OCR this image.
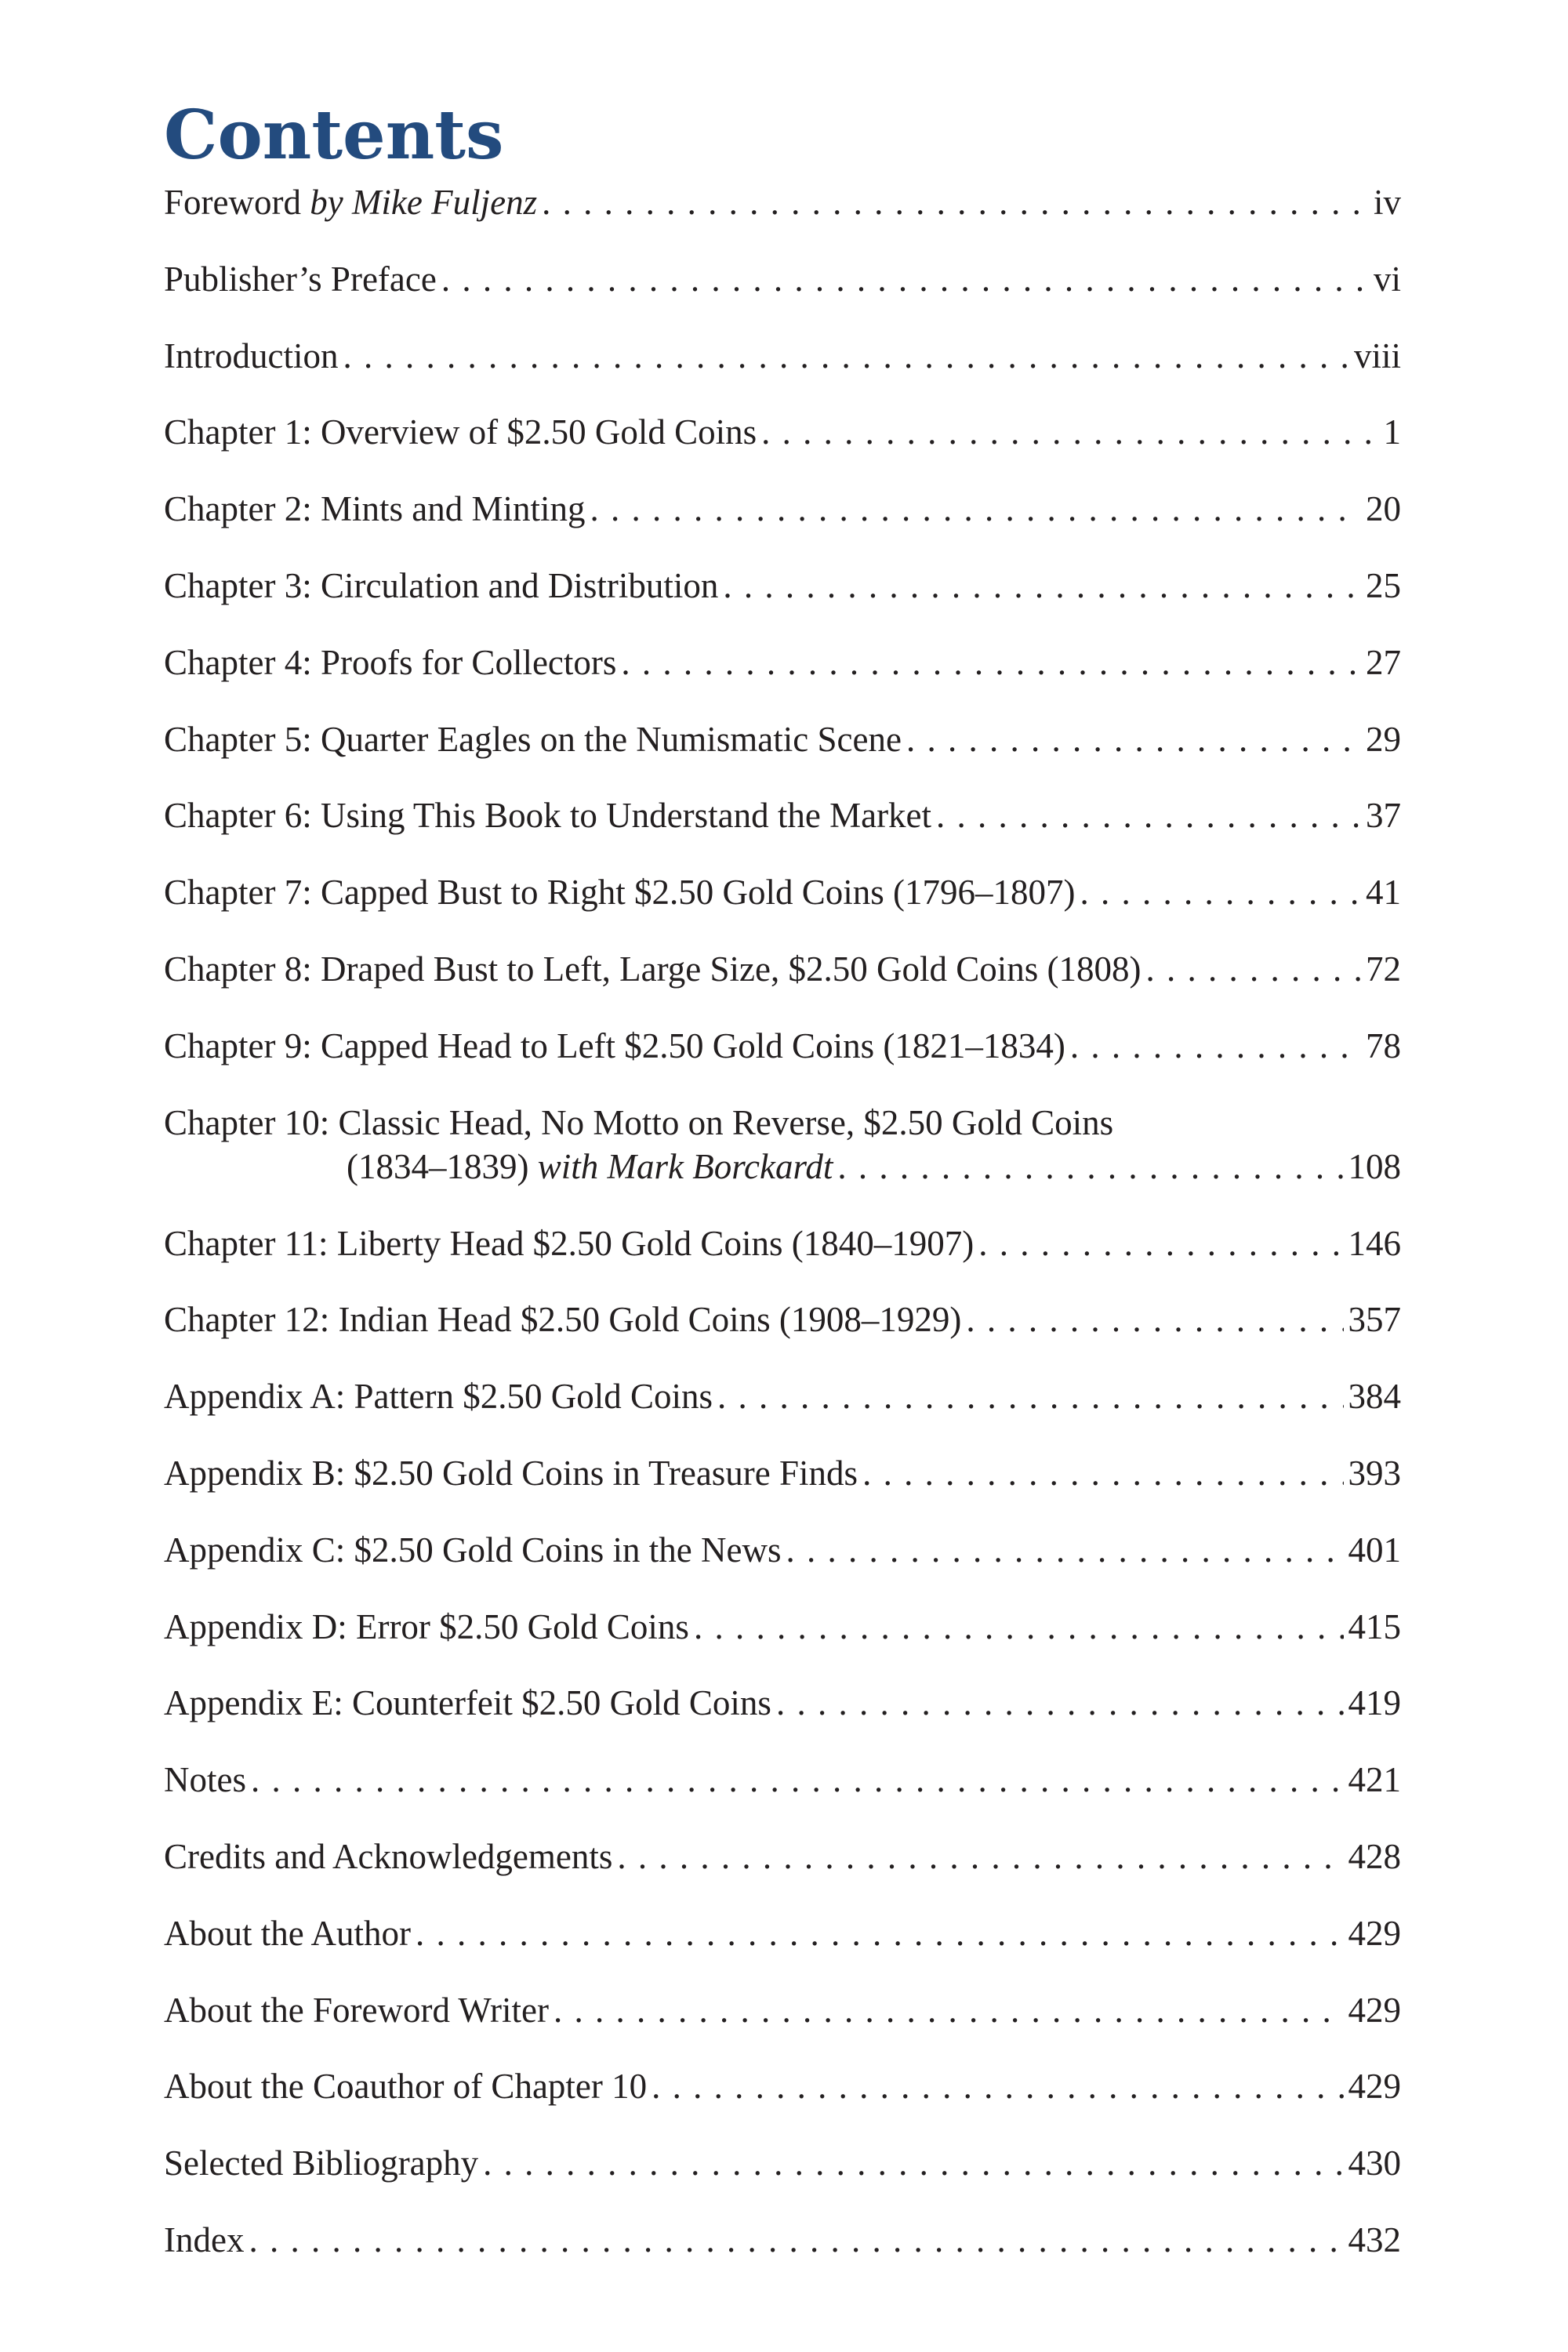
Contents
Foreword by Mike Fuljenz . . .	iv
Publisher’s Preface . . .	vi
Introduction . . .	viii
Chapter 1: Overview of $2.50 Gold Coins . . .	1
Chapter 2: Mints and Minting . . .	20
Chapter 3: Circulation and Distribution . . .	25
Chapter 4: Proofs for Collectors . . .	27
Chapter 5: Quarter Eagles on the Numismatic Scene . . .	29
Chapter 6: Using This Book to Understand the Market . . .	37
Chapter 7: Capped Bust to Right $2.50 Gold Coins (1796–1807) . . .	41
Chapter 8: Draped Bust to Left, Large Size, $2.50 Gold Coins (1808) . . .	72
Chapter 9: Capped Head to Left $2.50 Gold Coins (1821–1834) . . .	78
Chapter 10: Classic Head, No Motto on Reverse, $2.50 Gold Coins
(1834–1839) with Mark Borckardt . . .	108
Chapter 11: Liberty Head $2.50 Gold Coins (1840–1907) . . .	146
Chapter 12: Indian Head $2.50 Gold Coins (1908–1929) . . .	357
Appendix A: Pattern $2.50 Gold Coins . . .	384
Appendix B: $2.50 Gold Coins in Treasure Finds . . .	393
Appendix C: $2.50 Gold Coins in the News . . .	401
Appendix D: Error $2.50 Gold Coins . . .	415
Appendix E: Counterfeit $2.50 Gold Coins . . .	419
Notes . . .	421
Credits and Acknowledgements . . .	428
About the Author . . .	429
About the Foreword Writer . . .	429
About the Coauthor of Chapter 10 . . .	429
Selected Bibliography . . .	430
Index . . .	432
